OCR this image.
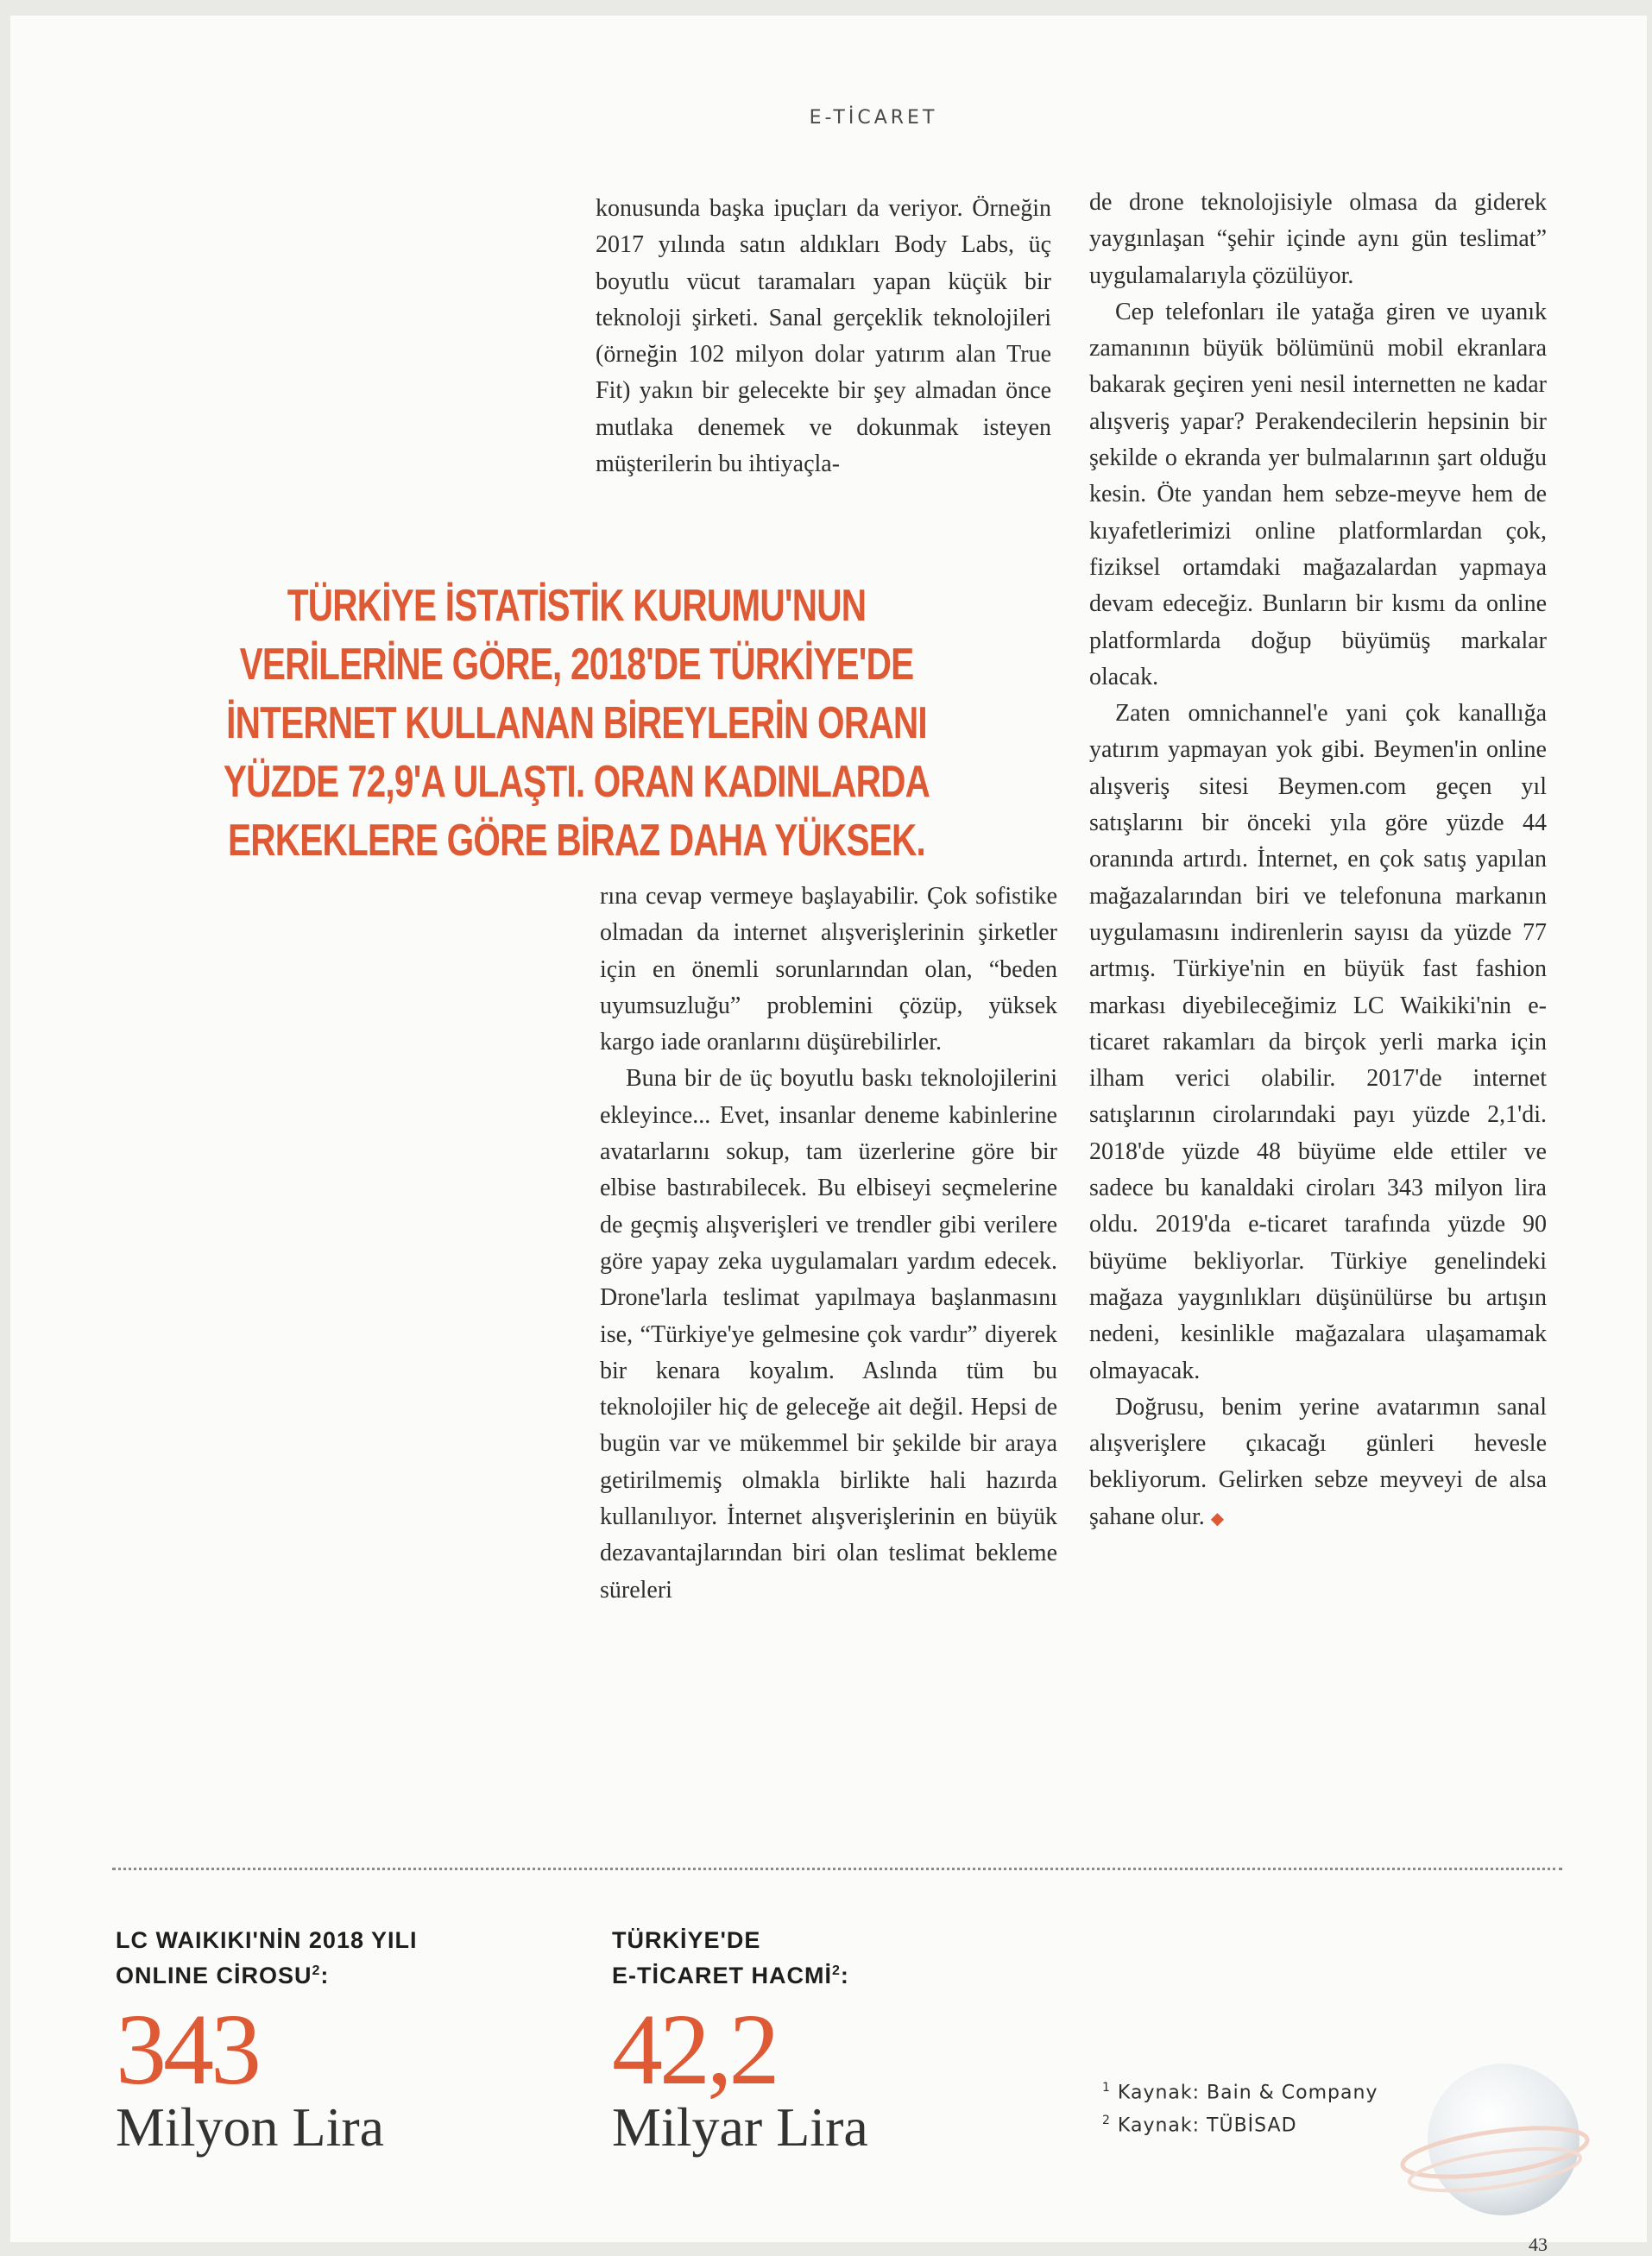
E-TİCARET

konusunda başka ipuçları da veriyor. Örneğin 2017 yılında satın aldıkları Body Labs, üç boyutlu vücut taramaları yapan küçük bir teknoloji şirketi. Sanal gerçeklik teknolojileri (örneğin 102 milyon dolar yatırım alan True Fit) yakın bir gelecekte bir şey almadan önce mutlaka denemek ve dokunmak isteyen müşterilerin bu ihtiyaçla-

TÜRKİYE İSTATİSTİK KURUMU'NUN VERİLERİNE GÖRE, 2018'DE TÜRKİYE'DE İNTERNET KULLANAN BİREYLERİN ORANI YÜZDE 72,9'A ULAŞTI. ORAN KADINLARDA ERKEKLERE GÖRE BİRAZ DAHA YÜKSEK.

rına cevap vermeye başlayabilir. Çok sofistike olmadan da internet alışverişlerinin şirketler için en önemli sorunlarından olan, “beden uyumsuzluğu” problemini çözüp, yüksek kargo iade oranlarını düşürebilirler.

Buna bir de üç boyutlu baskı teknolojilerini ekleyince... Evet, insanlar deneme kabinlerine avatarlarını sokup, tam üzerlerine göre bir elbise bastırabilecek. Bu elbiseyi seçmelerine de geçmiş alışverişleri ve trendler gibi verilere göre yapay zeka uygulamaları yardım edecek. Drone'larla teslimat yapılmaya başlanmasını ise, “Türkiye'ye gelmesine çok vardır” diyerek bir kenara koyalım. Aslında tüm bu teknolojiler hiç de geleceğe ait değil. Hepsi de bugün var ve mükemmel bir şekilde bir araya getirilmemiş olmakla birlikte hali hazırda kullanılıyor. İnternet alışverişlerinin en büyük dezavantajlarından biri olan teslimat bekleme süreleri

de drone teknolojisiyle olmasa da giderek yaygınlaşan “şehir içinde aynı gün teslimat” uygulamalarıyla çözülüyor.

Cep telefonları ile yatağa giren ve uyanık zamanının büyük bölümünü mobil ekranlara bakarak geçiren yeni nesil internetten ne kadar alışveriş yapar? Perakendecilerin hepsinin bir şekilde o ekranda yer bulmalarının şart olduğu kesin. Öte yandan hem sebze-meyve hem de kıyafetlerimizi online platformlardan çok, fiziksel ortamdaki mağazalardan yapmaya devam edeceğiz. Bunların bir kısmı da online platformlarda doğup büyümüş markalar olacak.

Zaten omnichannel'e yani çok kanallığa yatırım yapmayan yok gibi. Beymen'in online alışveriş sitesi Beymen.com geçen yıl satışlarını bir önceki yıla göre yüzde 44 oranında artırdı. İnternet, en çok satış yapılan mağazalarından biri ve telefonuna markanın uygulamasını indirenlerin sayısı da yüzde 77 artmış. Türkiye'nin en büyük fast fashion markası diyebileceğimiz LC Waikiki'nin e-ticaret rakamları da birçok yerli marka için ilham verici olabilir. 2017'de internet satışlarının cirolarındaki payı yüzde 2,1'di. 2018'de yüzde 48 büyüme elde ettiler ve sadece bu kanaldaki ciroları 343 milyon lira oldu. 2019'da e-ticaret tarafında yüzde 90 büyüme bekliyorlar. Türkiye genelindeki mağaza yaygınlıkları düşünülürse bu artışın nedeni, kesinlikle mağazalara ulaşamamak olmayacak.

Doğrusu, benim yerine avatarımın sanal alışverişlere çıkacağı günleri hevesle bekliyorum. Gelirken sebze meyveyi de alsa şahane olur. ◆

LC WAIKIKI'NİN 2018 YILI
ONLINE CİROSU$^2$:
343
Milyon Lira
TÜRKİYE'DE
E-TİCARET HACMİ$^2$:
42,2
Milyar Lira
$^1$ Kaynak: Bain & Company
$^2$ Kaynak: TÜBİSAD
43
